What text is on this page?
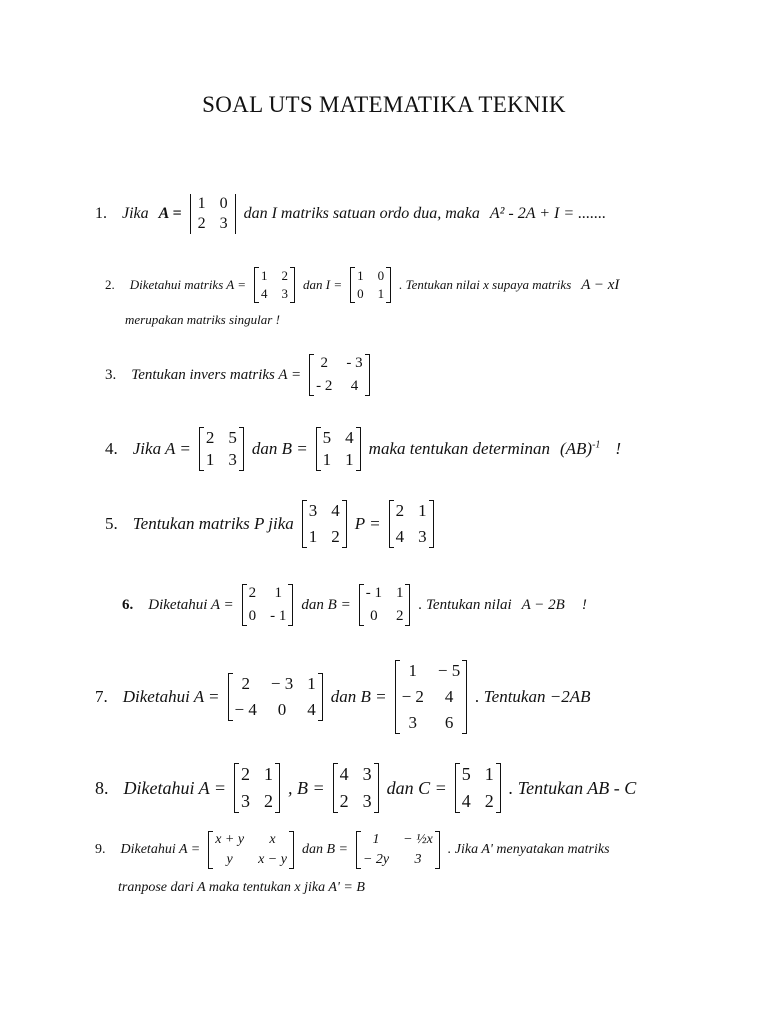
SOAL UTS MATEMATIKA TEKNIK
1. Jika A =
1 0
2 3
dan I matriks satuan ordo dua, maka A² - 2A + I = .......
2. Diketahui matriks A =
1 2
4 3
dan I =
1 0
0 1
. Tentukan nilai x supaya matriks A − xI
merupakan matriks singular !
3. Tentukan invers matriks A =
2 - 3
- 2 4
4. Jika A =
2 5
1 3
dan B =
5 4
1 1
maka tentukan determinan (AB)$^{-1}$ !
5. Tentukan matriks P jika
3 4
1 2
P =
2 1
4 3
6. Diketahui A =
2 1
0 - 1
dan B =
- 1 1
0 2
. Tentukan nilai A − 2B !
7. Diketahui A =
2	− 3 1
− 4	0	4
dan B =
1	− 5
− 2	4
3	6
. Tentukan −2AB
8. Diketahui A =
2 1
3 2
, B =
4 3
2 3
dan C =
5 1
4 2
. Tentukan AB - C
9. Diketahui A =
x + y	x
y	x − y
dan B =
1	− ½x
− 2y	3
. Jika A' menyatakan matriks
tranpose dari A maka tentukan x jika A' = B
